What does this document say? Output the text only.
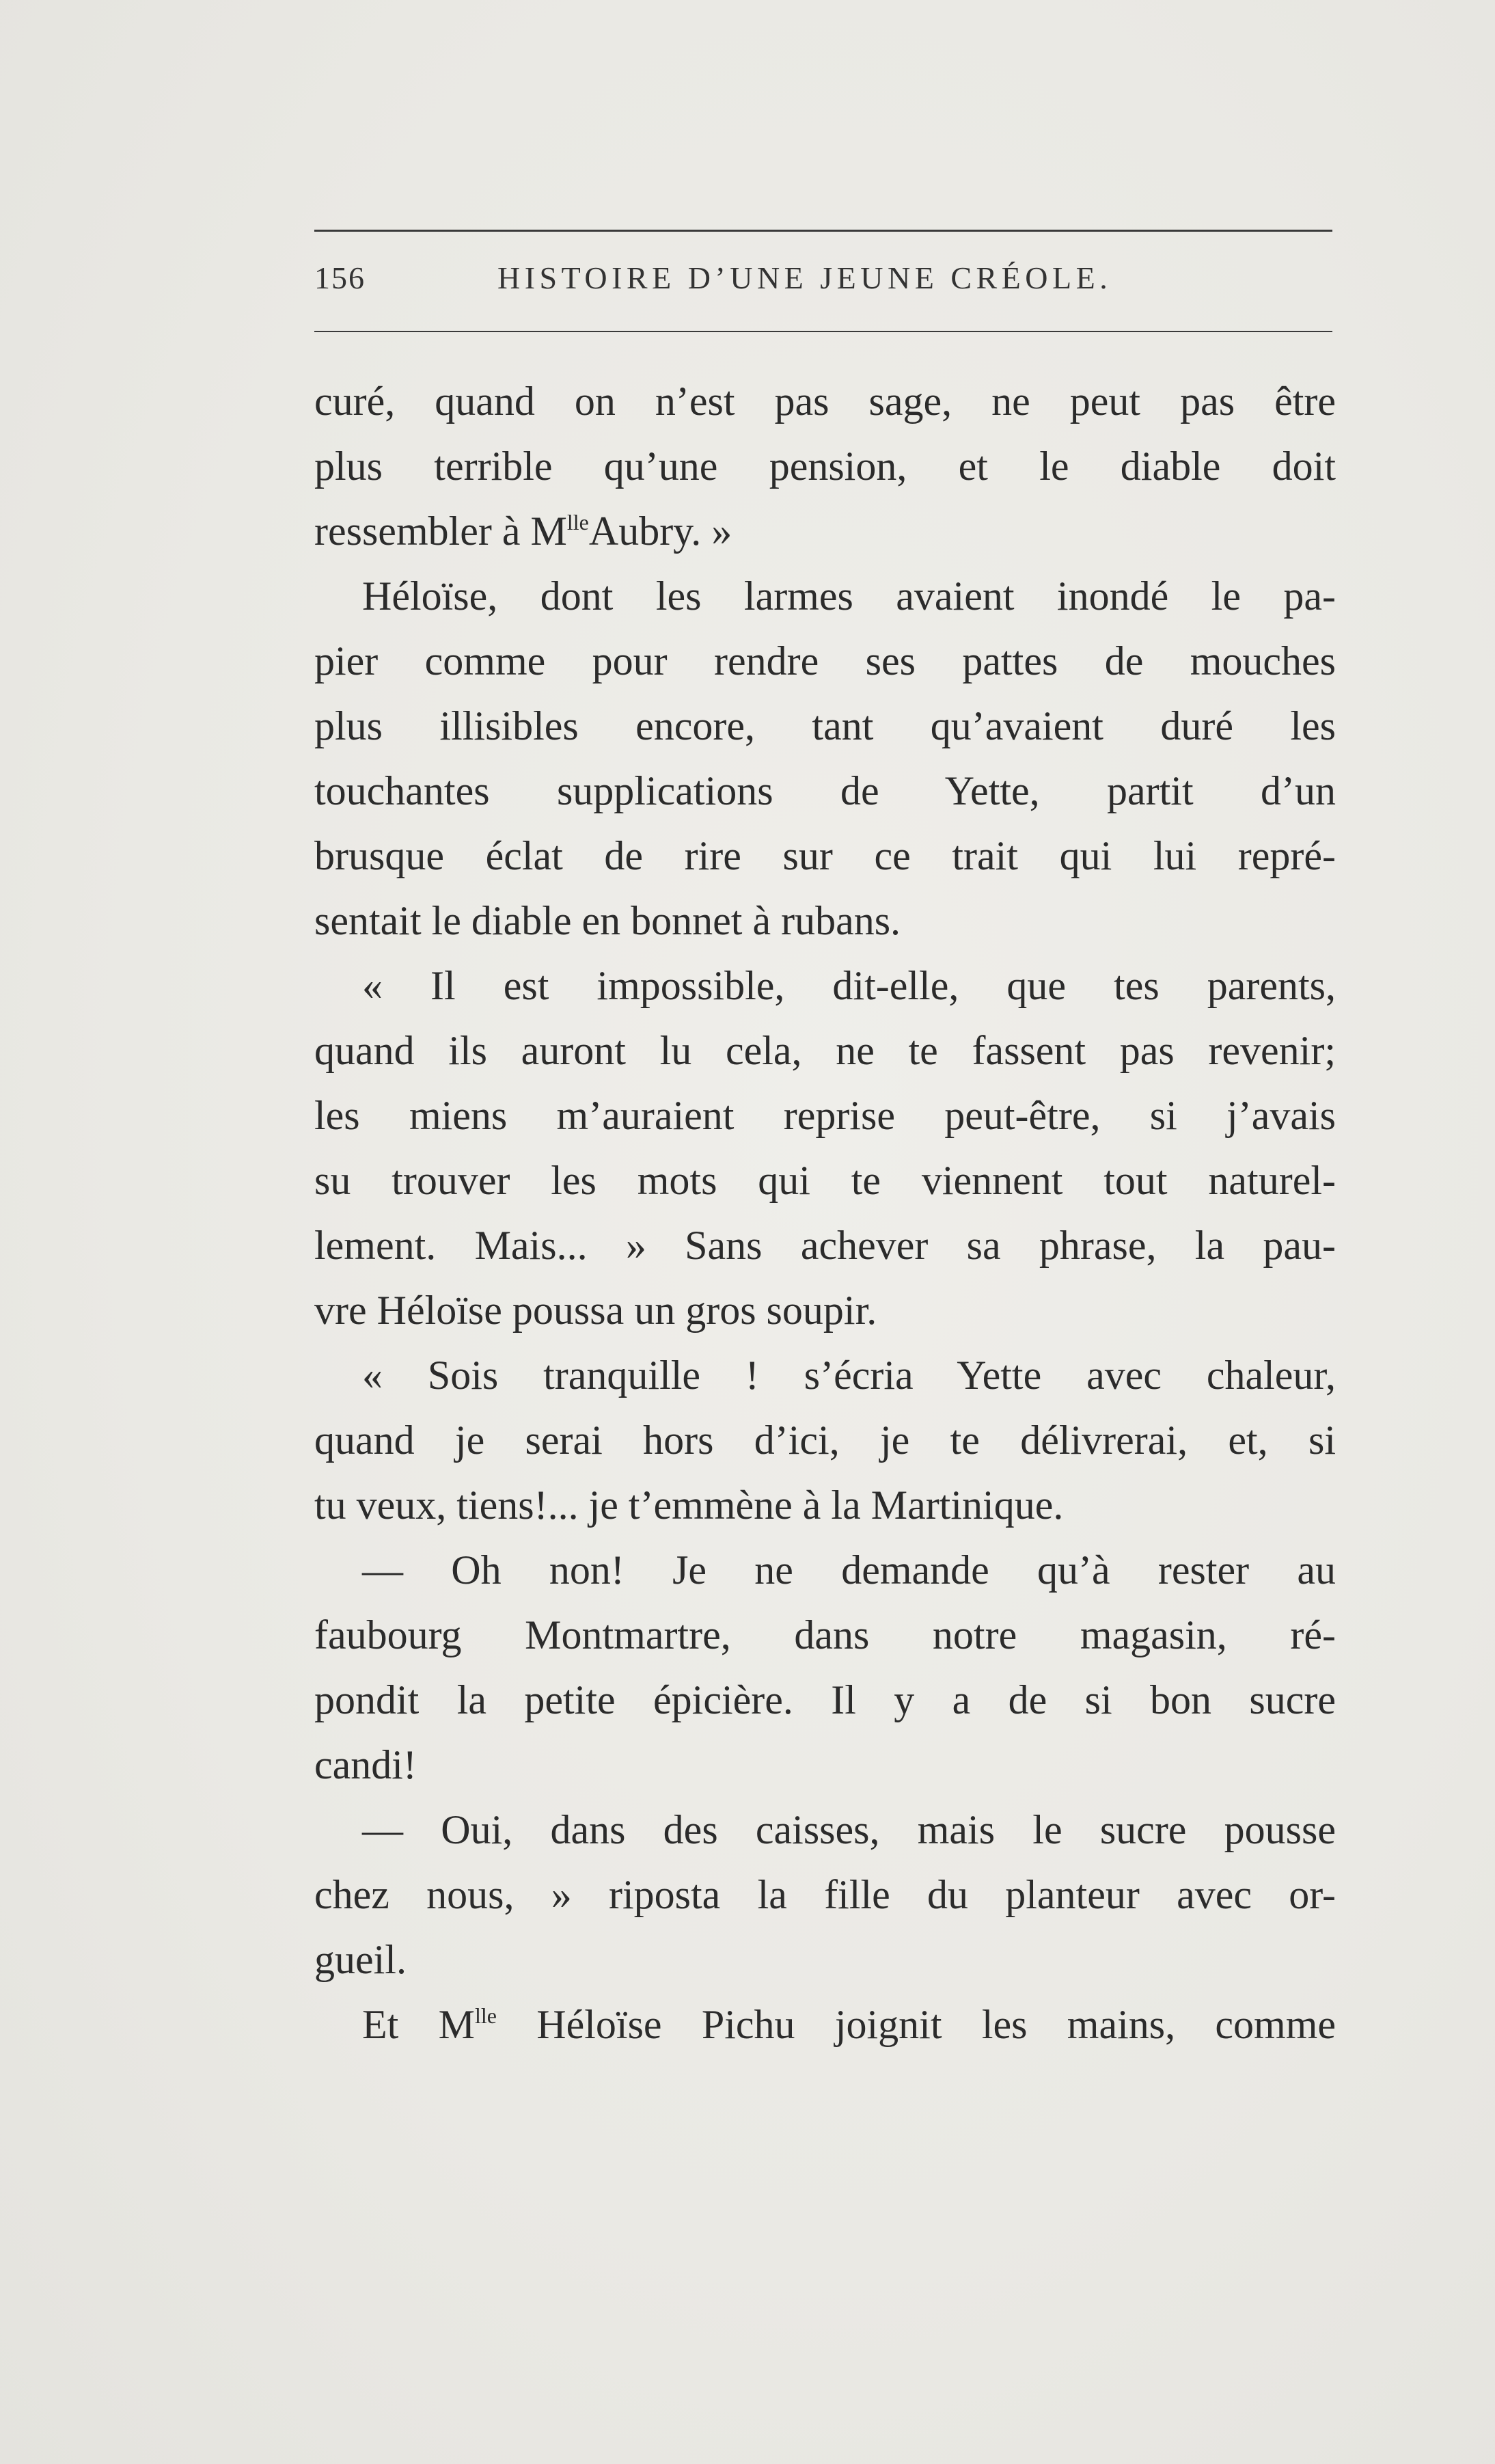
156	HISTOIRE D’UNE JEUNE CRÉOLE.
curé, quand on n’est pas sage, ne peut pas être
plus terrible qu’une pension, et le diable doit
ressembler à $M^{lle}Aubry$. »
Héloïse, dont les larmes avaient inondé le pa-
pier comme pour rendre ses pattes de mouches
plus illisibles encore, tant qu’avaient duré les
touchantes supplications de Yette, partit d’un
brusque éclat de rire sur ce trait qui lui repré-
sentait le diable en bonnet à rubans.
« Il est impossible, dit-elle, que tes parents,
quand ils auront lu cela, ne te fassent pas revenir;
les miens m’auraient reprise peut-être, si j’avais
su trouver les mots qui te viennent tout naturel-
lement. Mais... » Sans achever sa phrase, la pau-
vre Héloïse poussa un gros soupir.
« Sois tranquille ! s’écria Yette avec chaleur,
quand je serai hors d’ici, je te délivrerai, et, si
tu veux, tiens!... je t’emmène à la Martinique.
— Oh non! Je ne demande qu’à rester au
faubourg Montmartre, dans notre magasin, ré-
pondit la petite épicière. Il y a de si bon sucre
candi!
— Oui, dans des caisses, mais le sucre pousse
chez nous, » riposta la fille du planteur avec or-
gueil.
Et $M^{lle}$ Héloïse Pichu joignit les mains, comme
